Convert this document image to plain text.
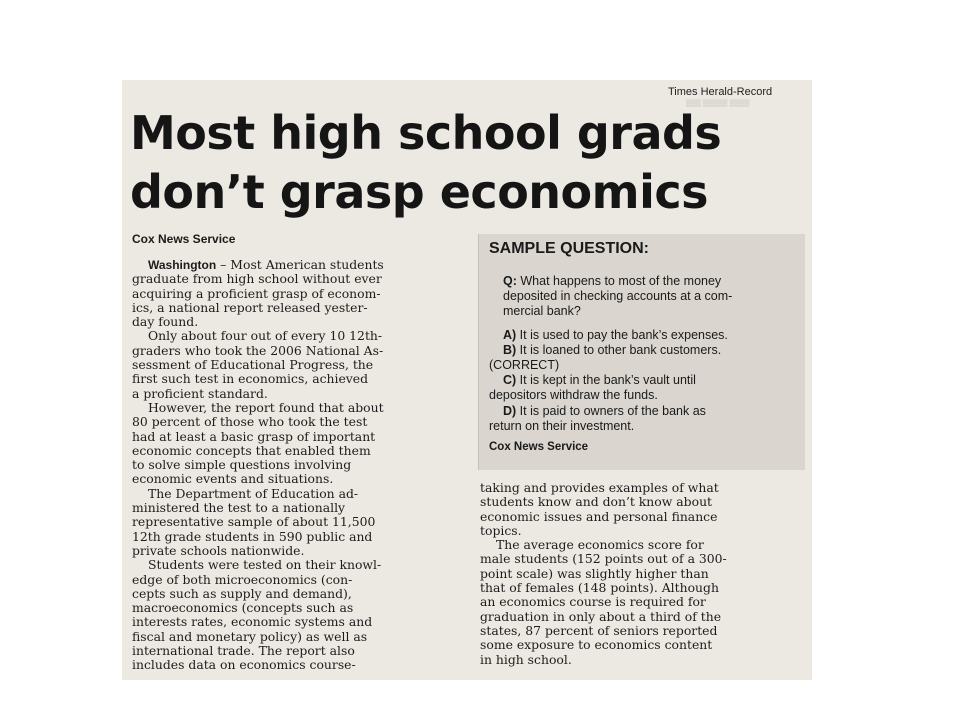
Times Herald-Record
▒▒▒ ▒▒▒▒▒ ▒▒▒▒
Most high school grads
don’t grasp economics
Cox News Service
Washington – Most American students
graduate from high school without ever
acquiring a proficient grasp of econom-
ics, a national report released yester-
day found.
Only about four out of every 10 12th-
graders who took the 2006 National As-
sessment of Educational Progress, the
first such test in economics, achieved
a proficient standard.
However, the report found that about
80 percent of those who took the test
had at least a basic grasp of important
economic concepts that enabled them
to solve simple questions involving
economic events and situations.
The Department of Education ad-
ministered the test to a nationally
representative sample of about 11,500
12th grade students in 590 public and
private schools nationwide.
Students were tested on their knowl-
edge of both microeconomics (con-
cepts such as supply and demand),
macroeconomics (concepts such as
interests rates, economic systems and
fiscal and monetary policy) as well as
international trade. The report also
includes data on economics course-
SAMPLE QUESTION:
Q: What happens to most of the money
deposited in checking accounts at a com-
mercial bank?
A) It is used to pay the bank’s expenses.
B) It is loaned to other bank customers.
(CORRECT)
C) It is kept in the bank’s vault until
depositors withdraw the funds.
D) It is paid to owners of the bank as
return on their investment.
Cox News Service
taking and provides examples of what
students know and don’t know about
economic issues and personal finance
topics.
The average economics score for
male students (152 points out of a 300-
point scale) was slightly higher than
that of females (148 points). Although
an economics course is required for
graduation in only about a third of the
states, 87 percent of seniors reported
some exposure to economics content
in high school.
